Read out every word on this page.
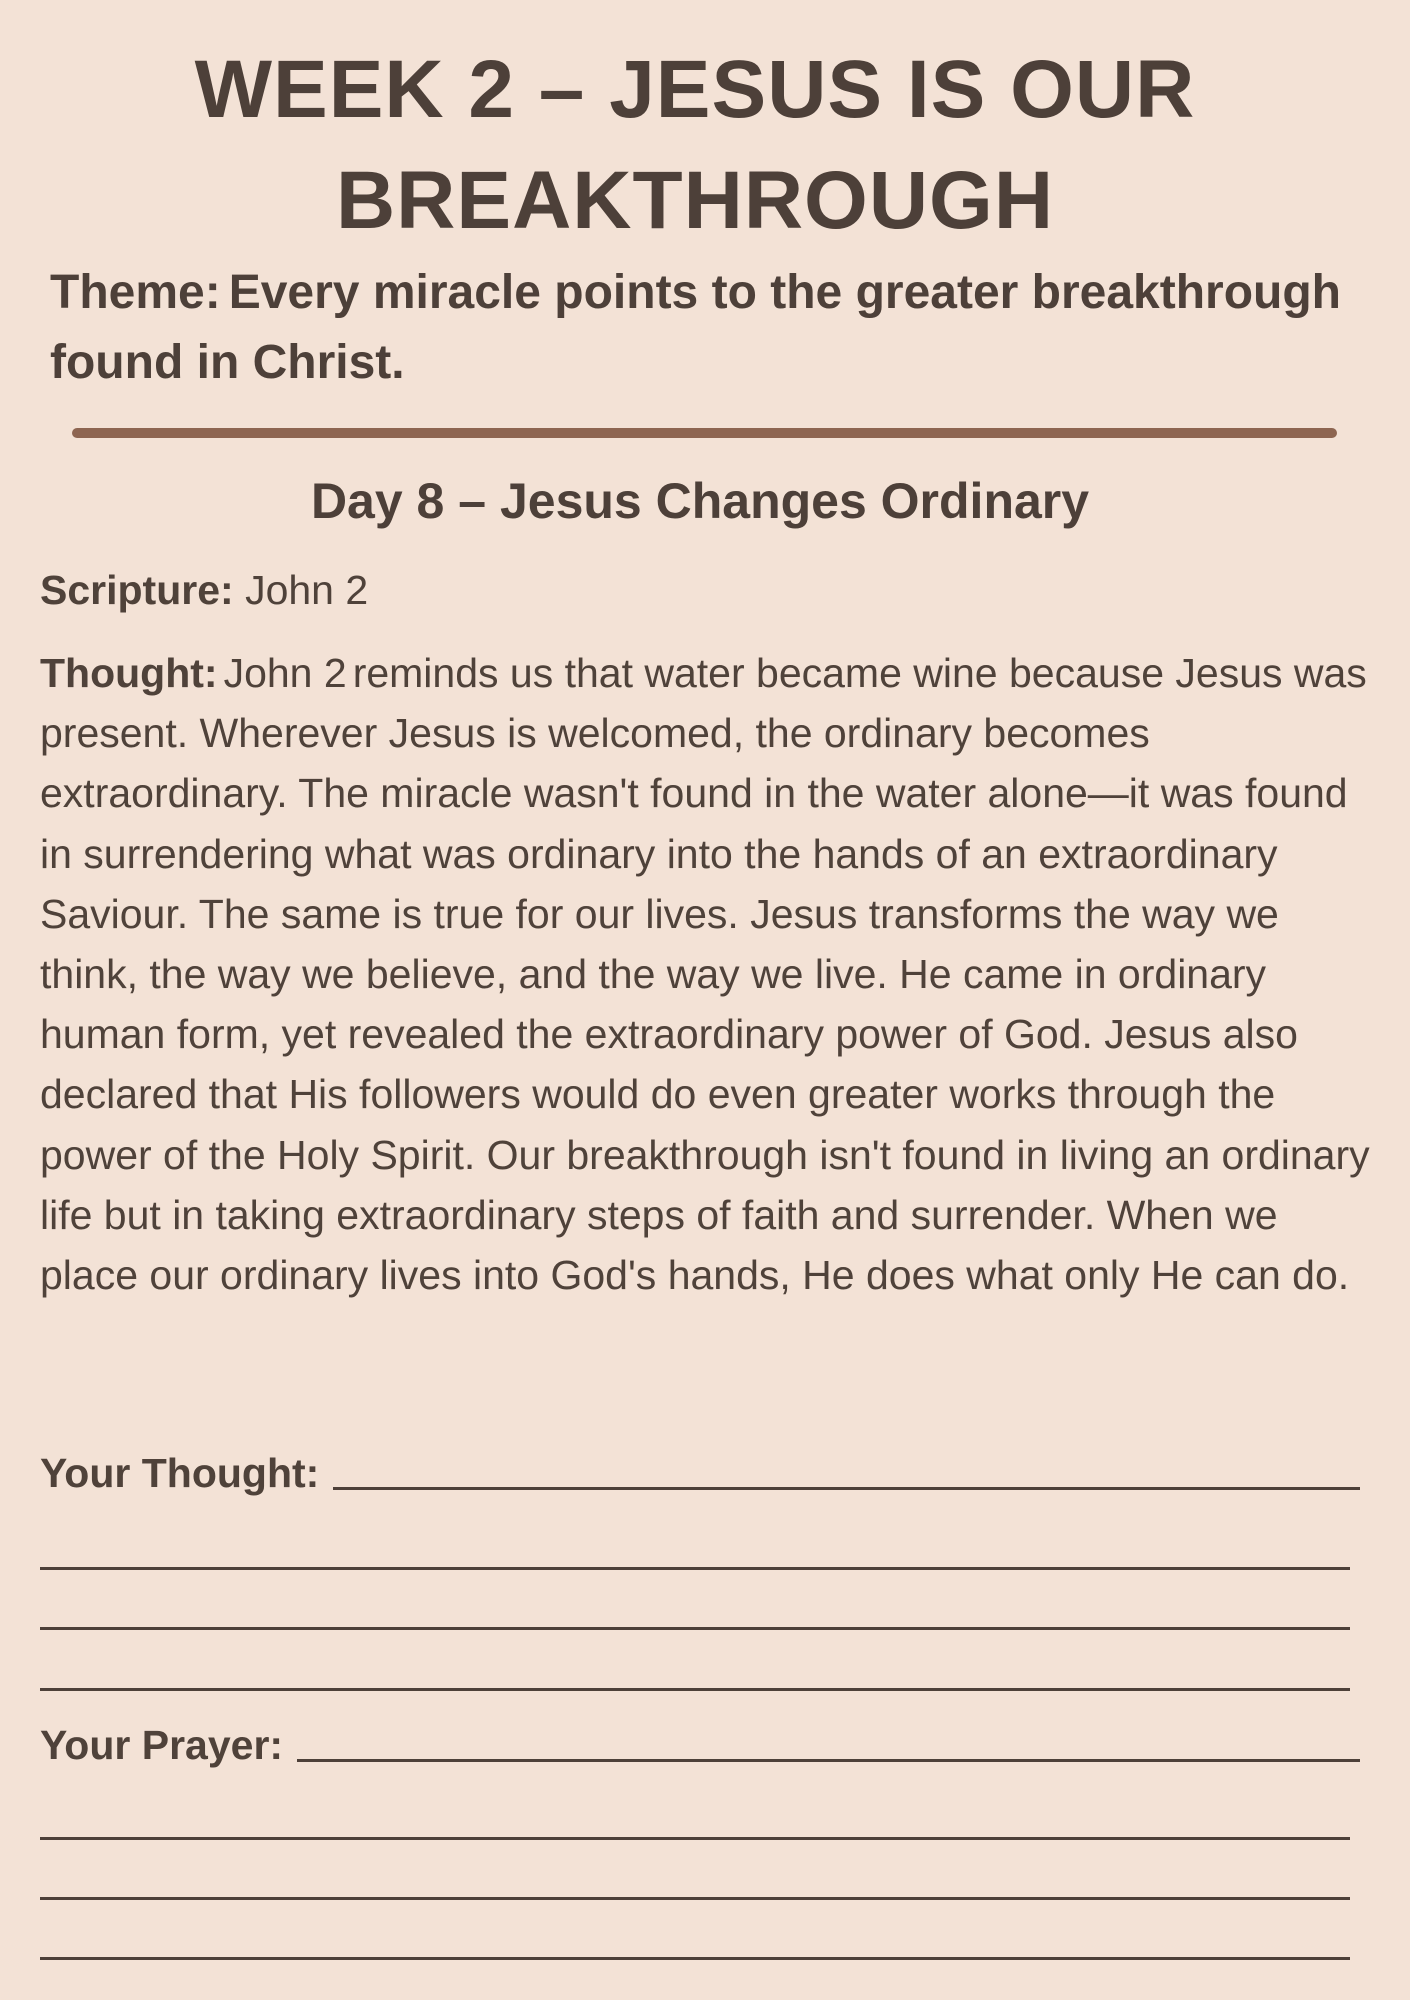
WEEK 2 – JESUS IS OUR BREAKTHROUGH

Theme: Every miracle points to the greater breakthrough found in Christ.

Day 8 – Jesus Changes Ordinary

Scripture: John 2

Thought: John 2 reminds us that water became wine because Jesus was present. Wherever Jesus is welcomed, the ordinary becomes extraordinary. The miracle wasn't found in the water alone—it was found in surrendering what was ordinary into the hands of an extraordinary Saviour. The same is true for our lives. Jesus transforms the way we think, the way we believe, and the way we live. He came in ordinary human form, yet revealed the extraordinary power of God. Jesus also declared that His followers would do even greater works through the power of the Holy Spirit. Our breakthrough isn't found in living an ordinary life but in taking extraordinary steps of faith and surrender. When we place our ordinary lives into God's hands, He does what only He can do.

Your Thought:
Your Prayer:
